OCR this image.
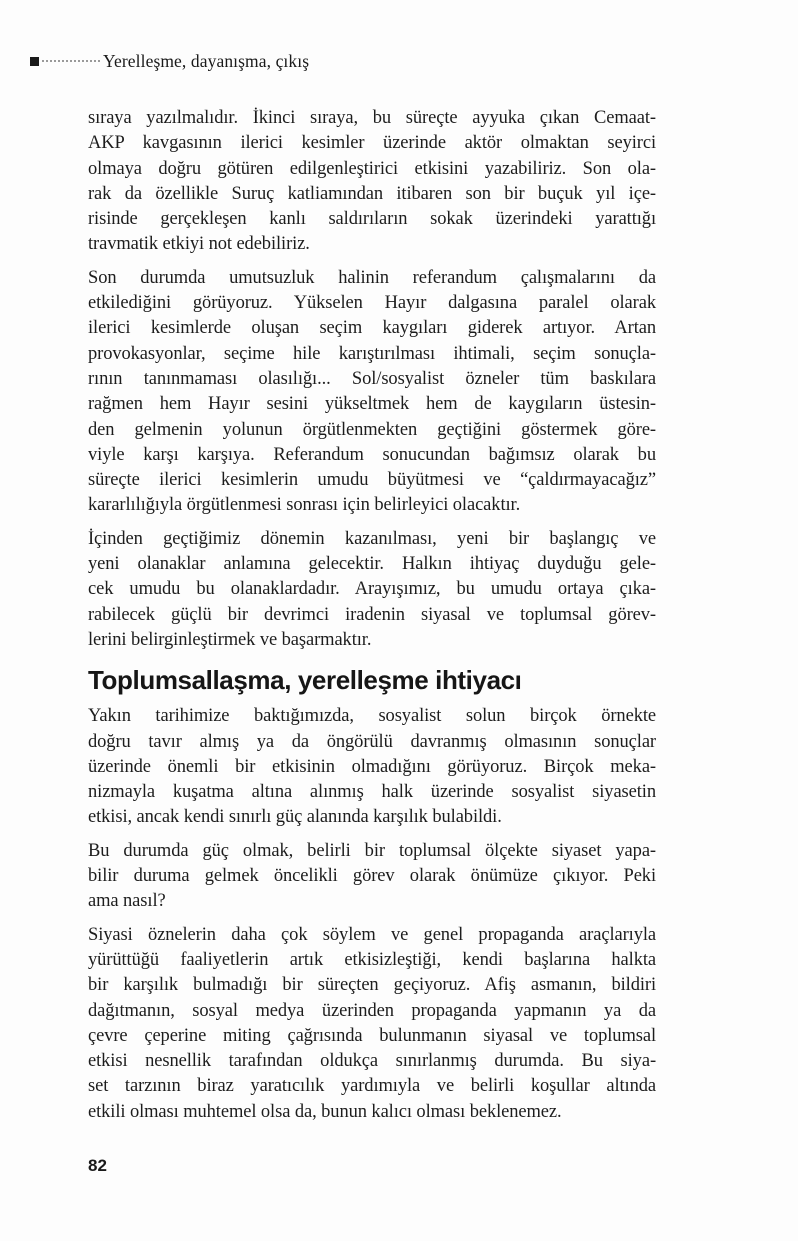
Yerelleşme, dayanışma, çıkış
sıraya yazılmalıdır. İkinci sıraya, bu süreçte ayyuka çıkan Cemaat-
AKP kavgasının ilerici kesimler üzerinde aktör olmaktan seyirci
olmaya doğru götüren edilgenleştirici etkisini yazabiliriz. Son ola-
rak da özellikle Suruç katliamından itibaren son bir buçuk yıl içe-
risinde gerçekleşen kanlı saldırıların sokak üzerindeki yarattığı
travmatik etkiyi not edebiliriz.
Son durumda umutsuzluk halinin referandum çalışmalarını da
etkilediğini görüyoruz. Yükselen Hayır dalgasına paralel olarak
ilerici kesimlerde oluşan seçim kaygıları giderek artıyor. Artan
provokasyonlar, seçime hile karıştırılması ihtimali, seçim sonuçla-
rının tanınmaması olasılığı... Sol/sosyalist özneler tüm baskılara
rağmen hem Hayır sesini yükseltmek hem de kaygıların üstesin-
den gelmenin yolunun örgütlenmekten geçtiğini göstermek göre-
viyle karşı karşıya. Referandum sonucundan bağımsız olarak bu
süreçte ilerici kesimlerin umudu büyütmesi ve “çaldırmayacağız”
kararlılığıyla örgütlenmesi sonrası için belirleyici olacaktır.
İçinden geçtiğimiz dönemin kazanılması, yeni bir başlangıç ve
yeni olanaklar anlamına gelecektir. Halkın ihtiyaç duyduğu gele-
cek umudu bu olanaklardadır. Arayışımız, bu umudu ortaya çıka-
rabilecek güçlü bir devrimci iradenin siyasal ve toplumsal görev-
lerini belirginleştirmek ve başarmaktır.
Toplumsallaşma, yerelleşme ihtiyacı
Yakın tarihimize baktığımızda, sosyalist solun birçok örnekte
doğru tavır almış ya da öngörülü davranmış olmasının sonuçlar
üzerinde önemli bir etkisinin olmadığını görüyoruz. Birçok meka-
nizmayla kuşatma altına alınmış halk üzerinde sosyalist siyasetin
etkisi, ancak kendi sınırlı güç alanında karşılık bulabildi.
Bu durumda güç olmak, belirli bir toplumsal ölçekte siyaset yapa-
bilir duruma gelmek öncelikli görev olarak önümüze çıkıyor. Peki
ama nasıl?
Siyasi öznelerin daha çok söylem ve genel propaganda araçlarıyla
yürüttüğü faaliyetlerin artık etkisizleştiği, kendi başlarına halkta
bir karşılık bulmadığı bir süreçten geçiyoruz. Afiş asmanın, bildiri
dağıtmanın, sosyal medya üzerinden propaganda yapmanın ya da
çevre çeperine miting çağrısında bulunmanın siyasal ve toplumsal
etkisi nesnellik tarafından oldukça sınırlanmış durumda. Bu siya-
set tarzının biraz yaratıcılık yardımıyla ve belirli koşullar altında
etkili olması muhtemel olsa da, bunun kalıcı olması beklenemez.
82
